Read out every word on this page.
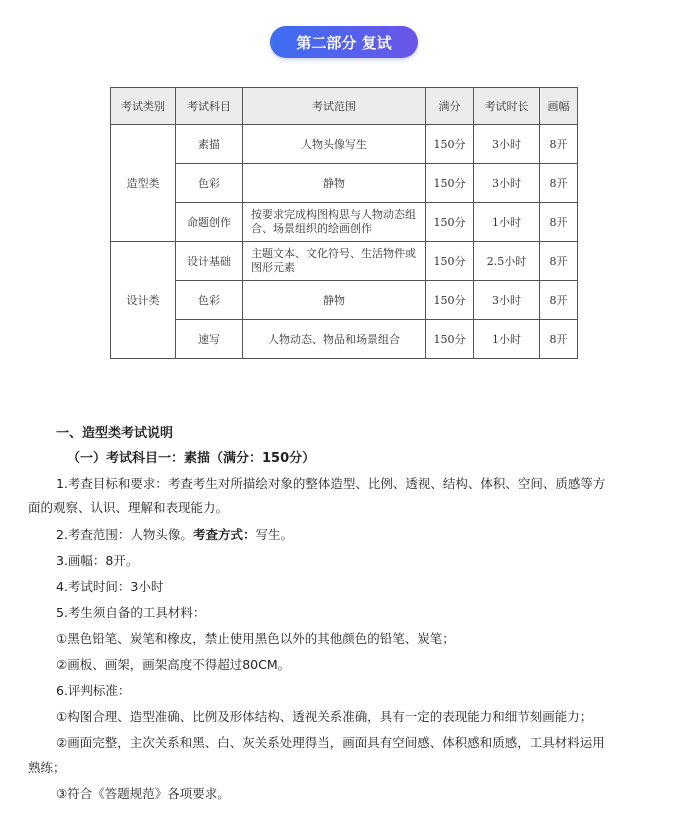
第二部分 复试
考试类别	考试科目	考试范围	满分	考试时长	画幅
造型类	素描	人物头像写生	150分	3小时	8开
	色彩	静物	150分	3小时	8开
	命题创作	按要求完成构图构思与人物动态组合、场景组织的绘画创作	150分	1小时	8开
设计类	设计基础	主题文本、文化符号、生活物件或图形元素	150分	2.5小时	8开
	色彩	静物	150分	3小时	8开
	速写	人物动态、物品和场景组合	150分	1小时	8开
一、造型类考试说明
（一）考试科目一：素描（满分：150分）
1.考查目标和要求：考查考生对所描绘对象的整体造型、比例、透视、结构、体积、空间、质感等方
面的观察、认识、理解和表现能力。
2.考查范围：人物头像。考查方式：写生。
3.画幅：8开。
4.考试时间：3小时
5.考生须自备的工具材料：
①黑色铅笔、炭笔和橡皮，禁止使用黑色以外的其他颜色的铅笔、炭笔；
②画板、画架，画架高度不得超过80CM。
6.评判标准：
①构图合理、造型准确、比例及形体结构、透视关系准确，具有一定的表现能力和细节刻画能力；
②画面完整，主次关系和黑、白、灰关系处理得当，画面具有空间感、体积感和质感，工具材料运用
熟练；
③符合《答题规范》各项要求。
